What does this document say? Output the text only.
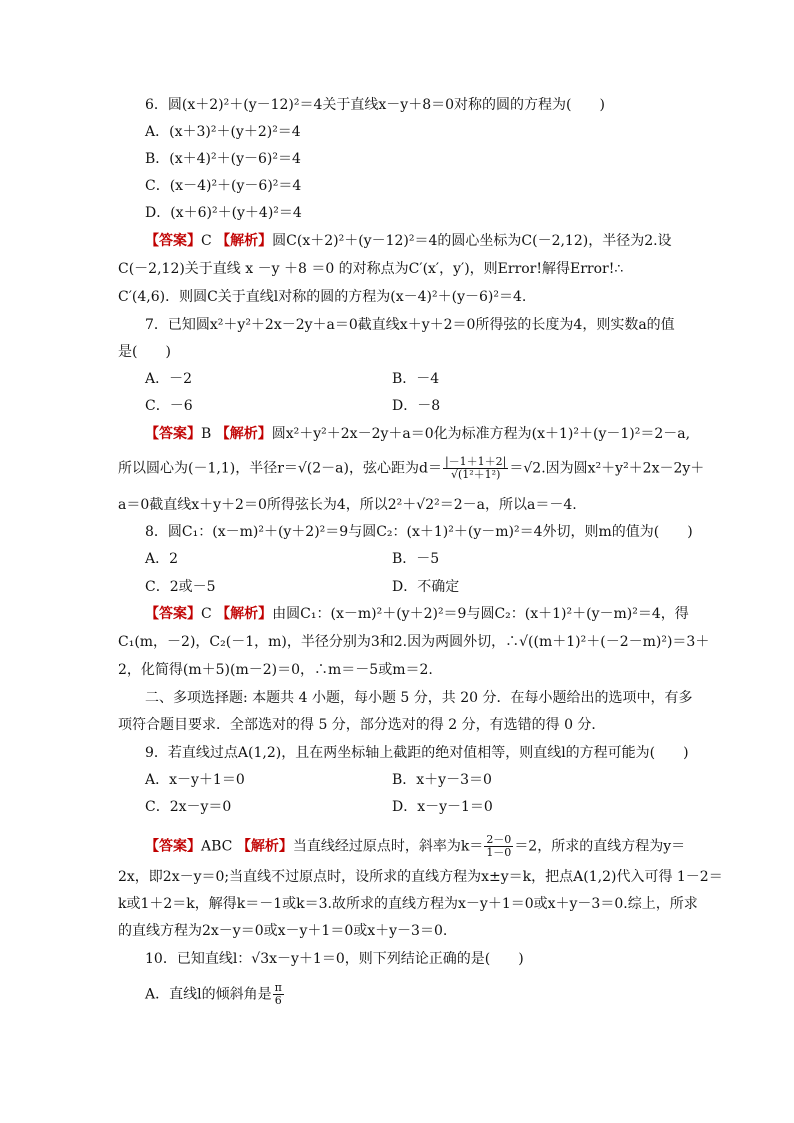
6．圆(x＋2)²＋(y－12)²＝4关于直线x－y＋8＝0对称的圆的方程为(　　)
A．(x＋3)²＋(y＋2)²＝4
B．(x＋4)²＋(y－6)²＝4
C．(x－4)²＋(y－6)²＝4
D．(x＋6)²＋(y＋4)²＝4
【答案】C 【解析】圆C(x＋2)²＋(y－12)²＝4的圆心坐标为C(－2,12)，半径为2.设
C(－2,12)关于直线 x －y ＋8 ＝0 的对称点为C′(x′，y′)，则Error!解得Error!∴
C′(4,6)．则圆C关于直线l对称的圆的方程为(x－4)²＋(y－6)²＝4.
7．已知圆x²＋y²＋2x－2y＋a＝0截直线x＋y＋2＝0所得弦的长度为4，则实数a的值
是(　　)
A．－2	B．－4
C．－6	D．－8
【答案】B 【解析】圆x²＋y²＋2x－2y＋a＝0化为标准方程为(x＋1)²＋(y－1)²＝2－a,
所以圆心为(－1,1)，半径r＝√(2－a)，弦心距为$d= \frac{|-1+1+2|}{\text{√(1²＋1²)}} =√2$.因为圆x²＋y²＋2x－2y＋
a＝0截直线x＋y＋2＝0所得弦长为4，所以2²＋√2²＝2－a，所以a＝－4.
8．圆C₁：(x－m)²＋(y＋2)²＝9与圆C₂：(x＋1)²＋(y－m)²＝4外切，则m的值为(　　)
A．2	B．－5
C．2或－5	D．不确定
【答案】C 【解析】由圆C₁：(x－m)²＋(y＋2)²＝9与圆C₂：(x＋1)²＋(y－m)²＝4，得
C₁(m，－2)，C₂(－1，m)，半径分别为3和2.因为两圆外切，∴√((m＋1)²＋(－2－m)²)＝3＋
2，化简得(m＋5)(m－2)＝0，∴m＝－5或m＝2.
二、多项选择题: 本题共 4 小题，每小题 5 分，共 20 分．在每小题给出的选项中，有多
项符合题目要求．全部选对的得 5 分，部分选对的得 2 分，有选错的得 0 分．
9．若直线过点A(1,2)，且在两坐标轴上截距的绝对值相等，则直线l的方程可能为(　　)
A．x－y＋1＝0	B．x＋y－3＝0
C．2x－y＝0	D．x－y－1＝0
【答案】ABC 【解析】当直线经过原点时，斜率为$k= \frac{2-0}{1-0} =2$，所求的直线方程为y＝
2x，即2x－y＝0;当直线不过原点时，设所求的直线方程为x±y＝k，把点A(1,2)代入可得 1－2＝
k或1＋2＝k，解得k＝－1或k＝3.故所求的直线方程为x－y＋1＝0或x＋y－3＝0.综上，所求
的直线方程为2x－y＝0或x－y＋1＝0或x＋y－3＝0.
10．已知直线l：√3x－y＋1＝0，则下列结论正确的是(　　)
A．直线l的倾斜角是 $\frac{\pi}{6}$
